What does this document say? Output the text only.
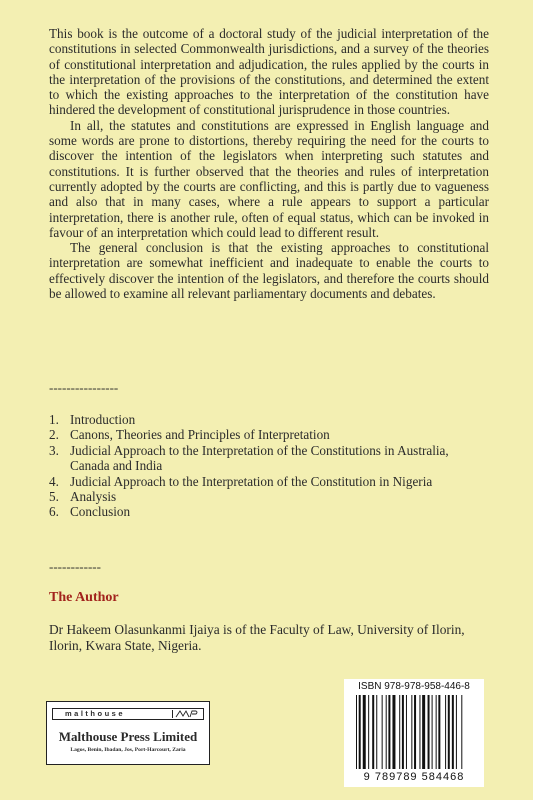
This book is the outcome of a doctoral study of the judicial interpretation of the constitutions in selected Commonwealth jurisdictions, and a survey of the theories of constitutional interpretation and adjudication, the rules applied by the courts in the interpretation of the provisions of the constitutions, and determined the extent to which the existing approaches to the interpretation of the constitution have hindered the development of constitutional jurisprudence in those countries.

In all, the statutes and constitutions are expressed in English language and some words are prone to distortions, thereby requiring the need for the courts to discover the intention of the legislators when interpreting such statutes and constitutions. It is further observed that the theories and rules of interpretation currently adopted by the courts are conflicting, and this is partly due to vagueness and also that in many cases, where a rule appears to support a particular interpretation, there is another rule, often of equal status, which can be invoked in favour of an interpretation which could lead to different result.

The general conclusion is that the existing approaches to constitutional interpretation are somewhat inefficient and inadequate to enable the courts to effectively discover the intention of the legislators, and therefore the courts should be allowed to examine all relevant parliamentary documents and debates.

----------------
1. Introduction
2. Canons, Theories and Principles of Interpretation
3. Judicial Approach to the Interpretation of the Constitutions in Australia, Canada and India
4. Judicial Approach to the Interpretation of the Constitution in Nigeria
5. Analysis
6. Conclusion
------------
The Author
Dr Hakeem Olasunkanmi Ijaiya is of the Faculty of Law, University of Ilorin, Ilorin, Kwara State, Nigeria.
malthouse
Malthouse Press Limited
Lagos, Benin, Ibadan, Jos, Port-Harcourt, Zaria
ISBN 978-978-958-446-8
9 789789 584468
